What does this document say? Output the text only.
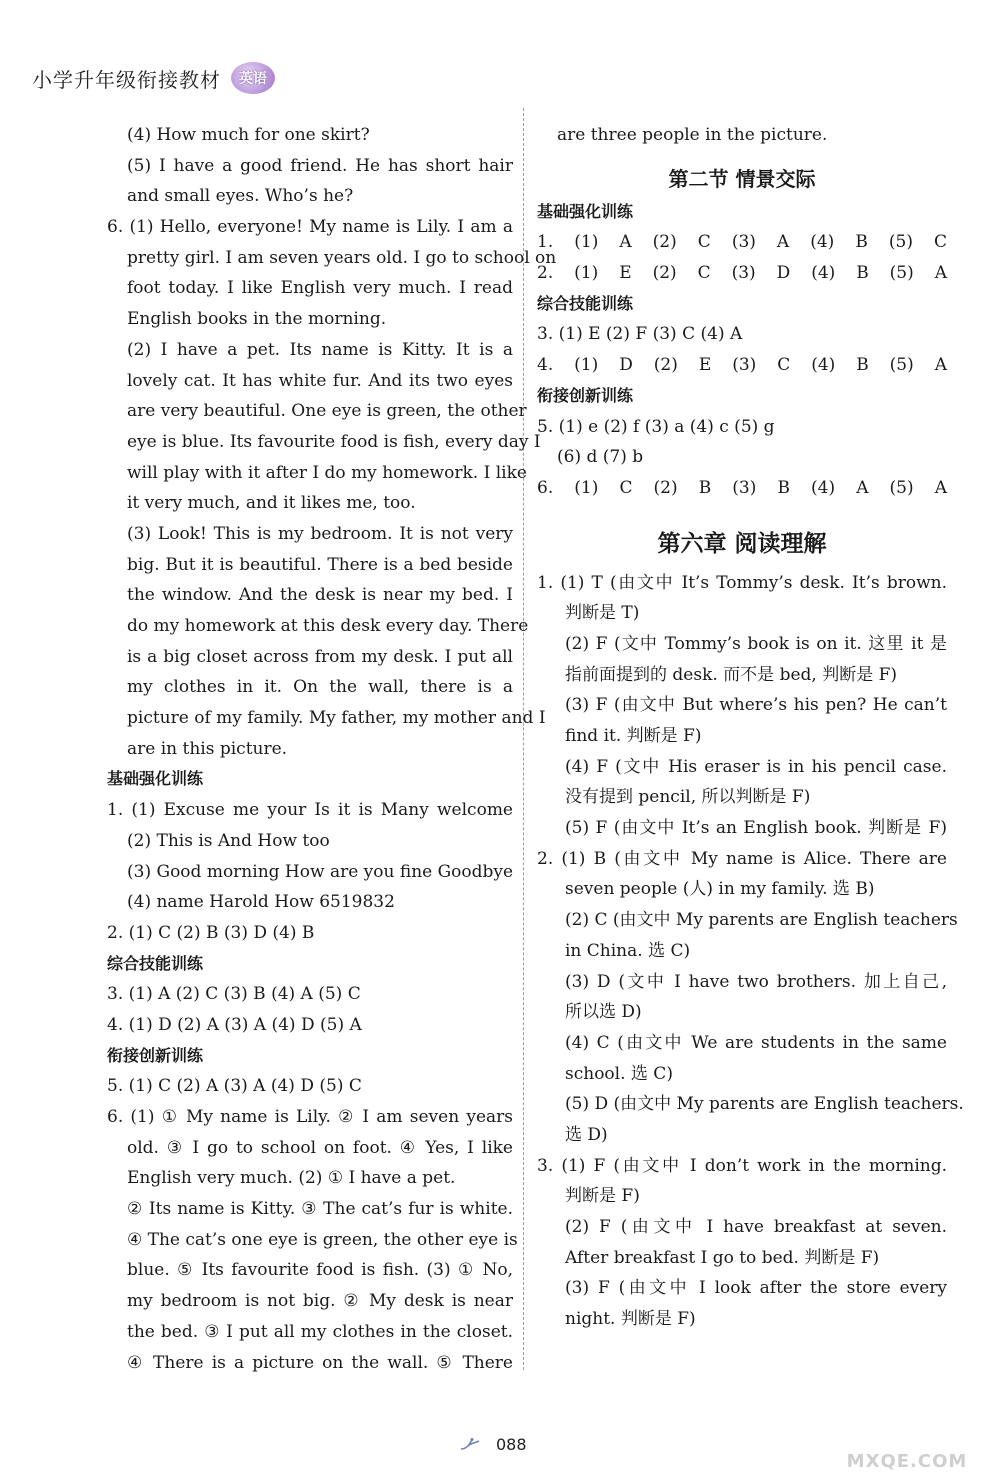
小学升年级衔接教材	英语
(4) How much for one skirt?
(5) I have a good friend. He has short hair
and small eyes. Who’s he?
6. (1) Hello, everyone! My name is Lily. I am a
pretty girl. I am seven years old. I go to school on
foot today. I like English very much. I read
English books in the morning.
(2) I have a pet. Its name is Kitty. It is a
lovely cat. It has white fur. And its two eyes
are very beautiful. One eye is green, the other
eye is blue. Its favourite food is fish, every day I
will play with it after I do my homework. I like
it very much, and it likes me, too.
(3) Look! This is my bedroom. It is not very
big. But it is beautiful. There is a bed beside
the window. And the desk is near my bed. I
do my homework at this desk every day. There
is a big closet across from my desk. I put all
my clothes in it. On the wall, there is a
picture of my family. My father, my mother and I
are in this picture.
基础强化训练
1. (1) Excuse me your Is it is Many welcome
(2) This is And How too
(3) Good morning How are you fine Goodbye
(4) name Harold How 6519832
2. (1) C (2) B (3) D (4) B
综合技能训练
3. (1) A (2) C (3) B (4) A (5) C
4. (1) D (2) A (3) A (4) D (5) A
衔接创新训练
5. (1) C (2) A (3) A (4) D (5) C
6. (1) ① My name is Lily. ② I am seven years
old. ③ I go to school on foot. ④ Yes, I like
English very much. (2) ① I have a pet.
② Its name is Kitty. ③ The cat’s fur is white.
④ The cat’s one eye is green, the other eye is
blue. ⑤ Its favourite food is fish. (3) ① No,
my bedroom is not big. ② My desk is near
the bed. ③ I put all my clothes in the closet.
④ There is a picture on the wall. ⑤ There
are three people in the picture.
第二节 情景交际
基础强化训练
1. (1) A (2) C (3) A (4) B (5) C
2. (1) E (2) C (3) D (4) B (5) A
综合技能训练
3. (1) E (2) F (3) C (4) A
4. (1) D (2) E (3) C (4) B (5) A
衔接创新训练
5. (1) e (2) f (3) a (4) c (5) g
(6) d (7) b
6. (1) C (2) B (3) B (4) A (5) A
第六章 阅读理解
1. (1) T (由文中 It’s Tommy’s desk. It’s brown.
判断是 T)
(2) F (文中 Tommy’s book is on it. 这里 it 是
指前面提到的 desk. 而不是 bed, 判断是 F)
(3) F (由文中 But where’s his pen? He can’t
find it. 判断是 F)
(4) F (文中 His eraser is in his pencil case.
没有提到 pencil, 所以判断是 F)
(5) F (由文中 It’s an English book. 判断是 F)
2. (1) B (由文中 My name is Alice. There are
seven people (人) in my family. 选 B)
(2) C (由文中 My parents are English teachers
in China. 选 C)
(3) D (文中 I have two brothers. 加上自己,
所以选 D)
(4) C (由文中 We are students in the same
school. 选 C)
(5) D (由文中 My parents are English teachers.
选 D)
3. (1) F (由文中 I don’t work in the morning.
判断是 F)
(2) F (由文中 I have breakfast at seven.
After breakfast I go to bed. 判断是 F)
(3) F (由文中 I look after the store every
night. 判断是 F)
088
MXQE.COM
